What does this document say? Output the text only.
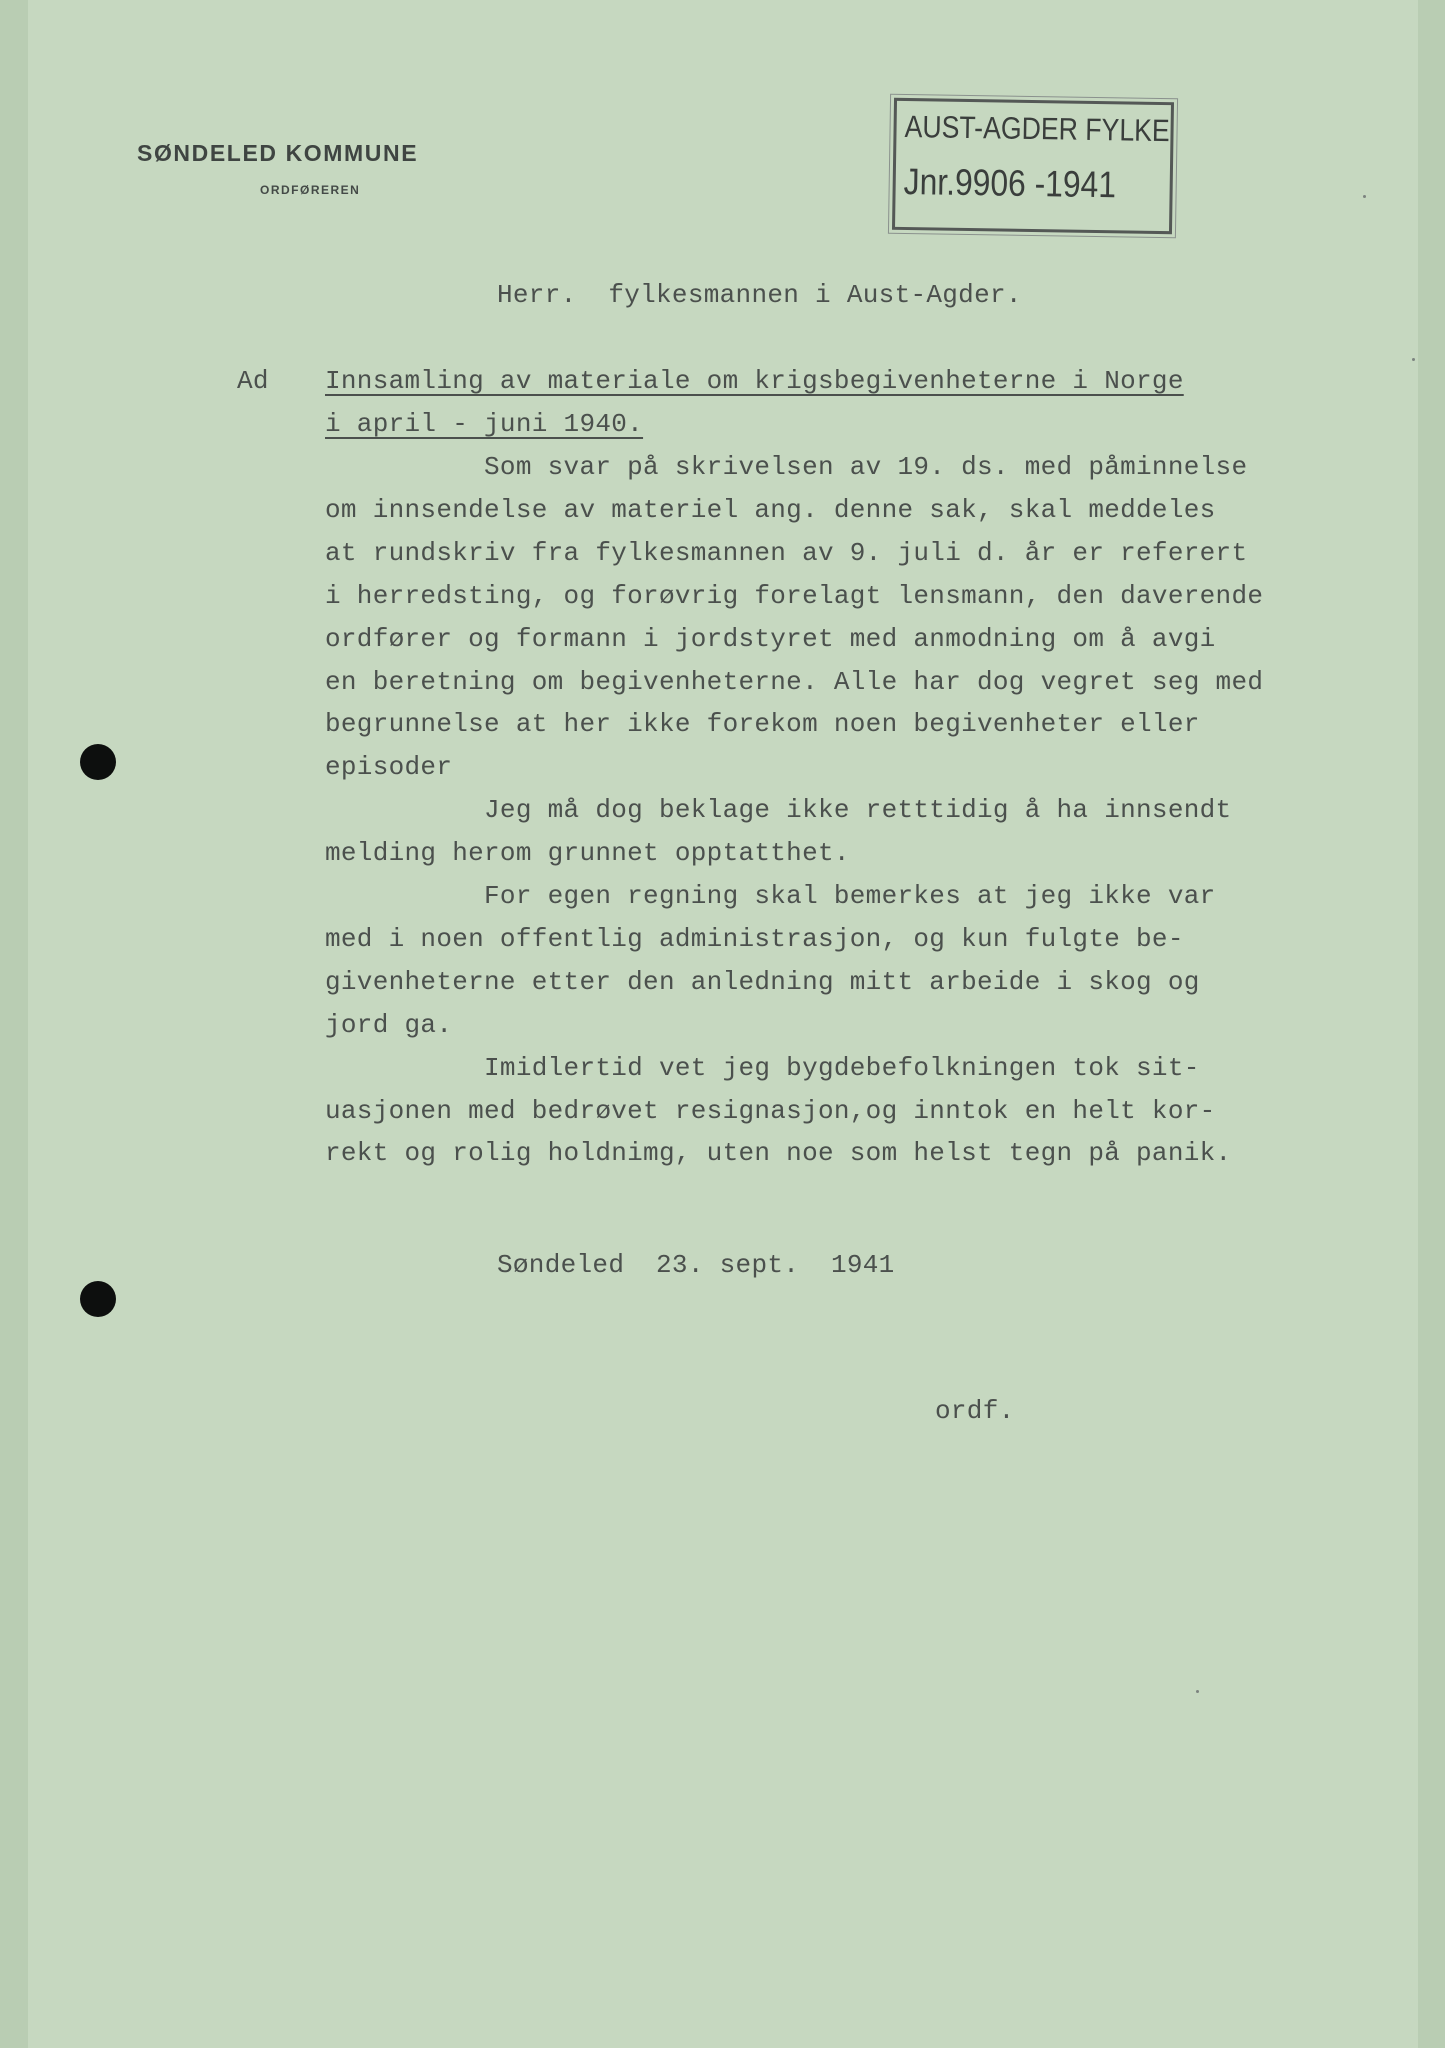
SØNDELED KOMMUNE
ORDFØREREN
AUST-AGDER FYLKE
Jnr.9906 -1941
Herr.  fylkesmannen i Aust-Agder.
Ad Innsamling av materiale om krigsbegivenheterne i Norge
i april - juni 1940.
Som svar på skrivelsen av 19. ds. med påminnelse
om innsendelse av materiel ang. denne sak, skal meddeles
at rundskriv fra fylkesmannen av 9. juli d. år er referert
i herredsting, og forøvrig forelagt lensmann, den daverende
ordfører og formann i jordstyret med anmodning om å avgi
en beretning om begivenheterne. Alle har dog vegret seg med
begrunnelse at her ikke forekom noen begivenheter eller
episoder
Jeg må dog beklage ikke retttidig å ha innsendt
melding herom grunnet opptatthet.
For egen regning skal bemerkes at jeg ikke var
med i noen offentlig administrasjon, og kun fulgte be-
givenheterne etter den anledning mitt arbeide i skog og
jord ga.
Imidlertid vet jeg bygdebefolkningen tok sit-
uasjonen med bedrøvet resignasjon,og inntok en helt kor-
rekt og rolig holdnimg, uten noe som helst tegn på panik.
Søndeled  23. sept.  1941
ordf.
